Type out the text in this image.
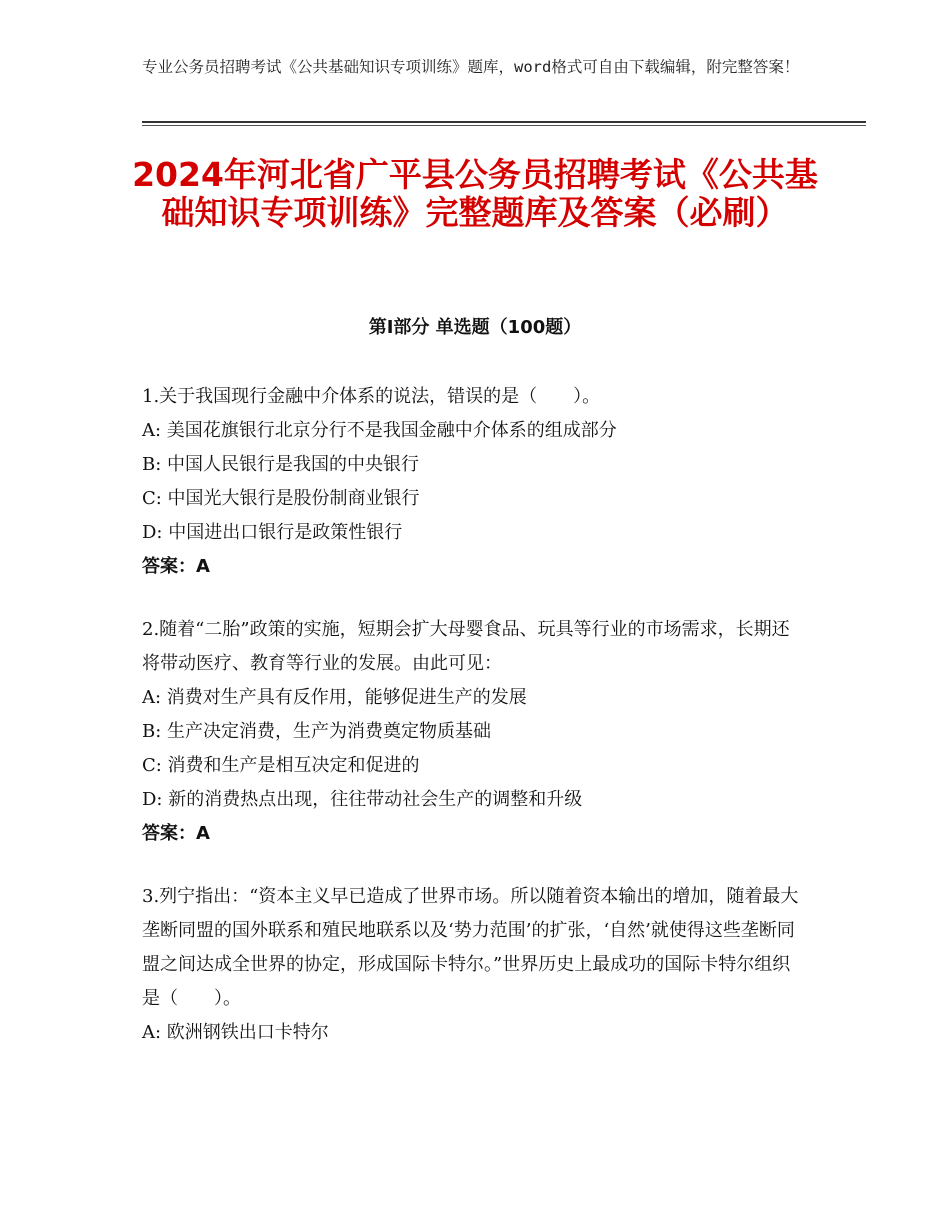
专业公务员招聘考试《公共基础知识专项训练》题库，word格式可自由下载编辑，附完整答案！
2024年河北省广平县公务员招聘考试《公共基础知识专项训练》完整题库及答案（必刷）
第I部分 单选题（100题）
1.关于我国现行金融中介体系的说法，错误的是（　　）。
A: 美国花旗银行北京分行不是我国金融中介体系的组成部分
B: 中国人民银行是我国的中央银行
C: 中国光大银行是股份制商业银行
D: 中国进出口银行是政策性银行
答案：A
2.随着“二胎”政策的实施，短期会扩大母婴食品、玩具等行业的市场需求，长期还将带动医疗、教育等行业的发展。由此可见：
A: 消费对生产具有反作用，能够促进生产的发展
B: 生产决定消费，生产为消费奠定物质基础
C: 消费和生产是相互决定和促进的
D: 新的消费热点出现，往往带动社会生产的调整和升级
答案：A
3.列宁指出：“资本主义早已造成了世界市场。所以随着资本输出的增加，随着最大垄断同盟的国外联系和殖民地联系以及‘势力范围’的扩张，‘自然’就使得这些垄断同盟之间达成全世界的协定，形成国际卡特尔。”世界历史上最成功的国际卡特尔组织是（　　）。
A: 欧洲钢铁出口卡特尔
